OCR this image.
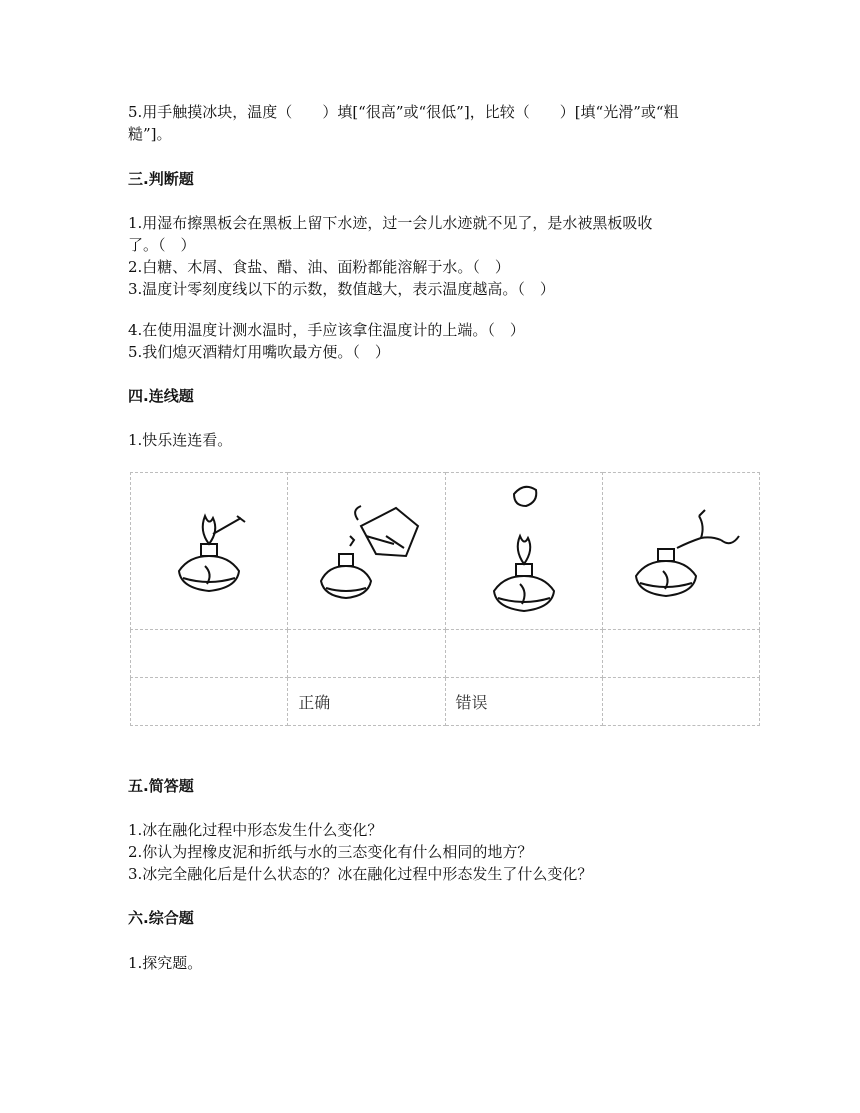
5.用手触摸冰块，温度（　　）填[“很高”或“很低”]，比较（　　）[填“光滑”或“粗
糙”]。
三.判断题
1.用湿布擦黑板会在黑板上留下水迹，过一会儿水迹就不见了，是水被黑板吸收
了。（　）
2.白糖、木屑、食盐、醋、油、面粉都能溶解于水。（　）
3.温度计零刻度线以下的示数，数值越大，表示温度越高。（　）
4.在使用温度计测水温时，手应该拿住温度计的上端。（　）
5.我们熄灭酒精灯用嘴吹最方便。（　）
四.连线题
1.快乐连连看。

	正确	错误	

五.简答题
1.冰在融化过程中形态发生什么变化？
2.你认为捏橡皮泥和折纸与水的三态变化有什么相同的地方？
3.冰完全融化后是什么状态的？冰在融化过程中形态发生了什么变化？
六.综合题
1.探究题。
